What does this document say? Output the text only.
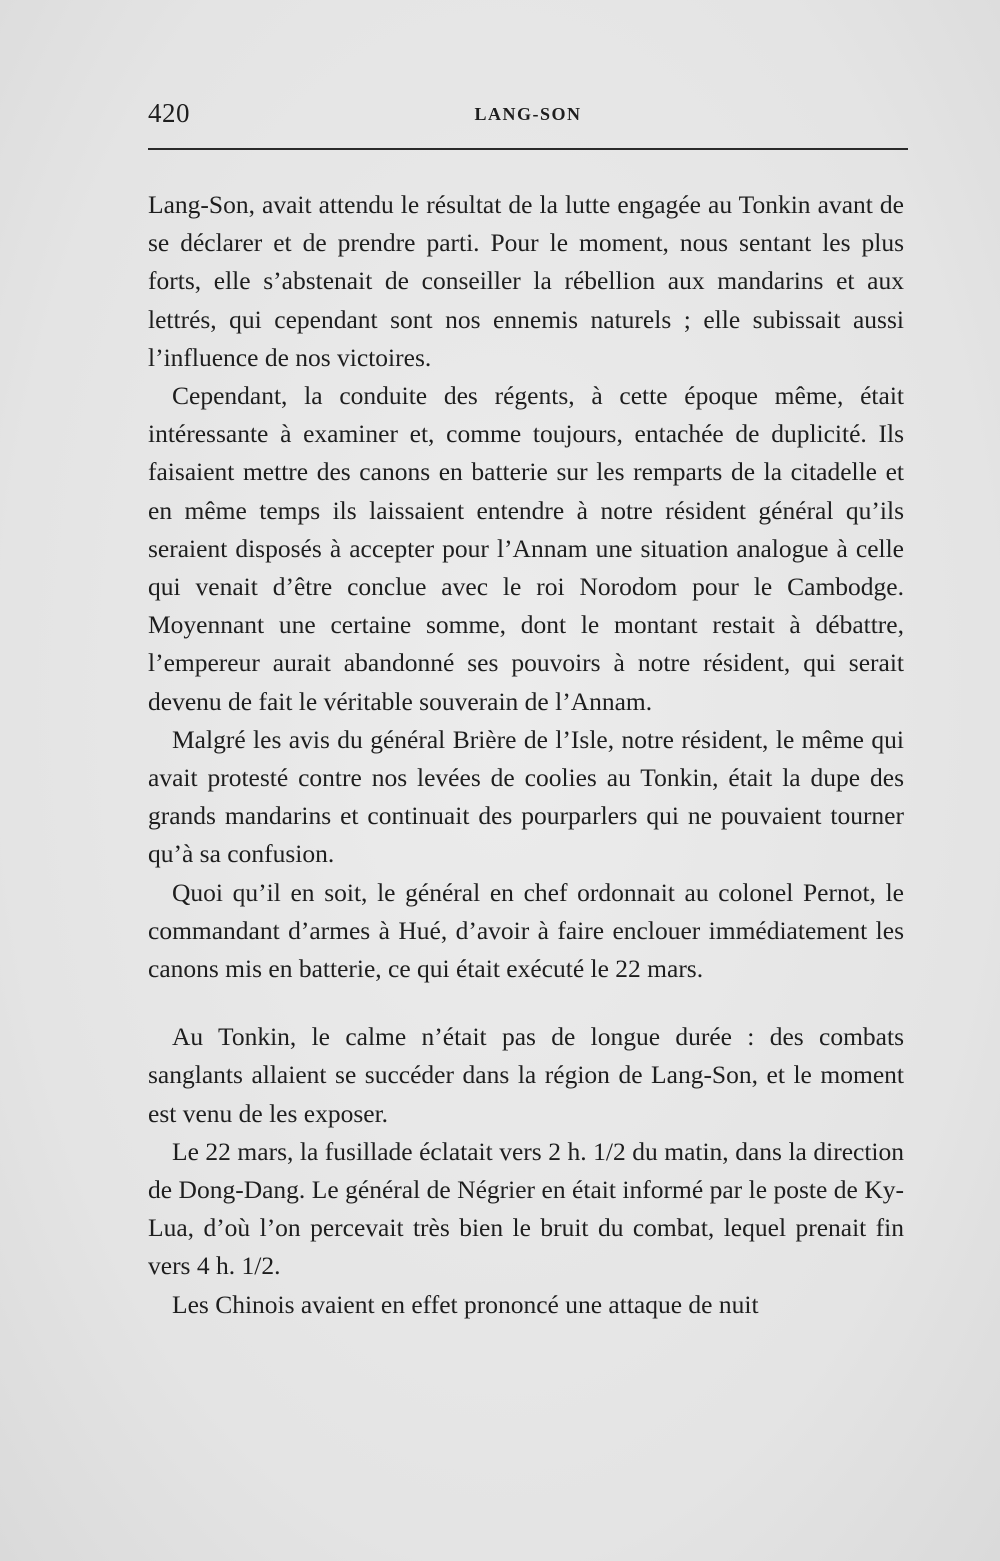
420	LANG-SON

Lang-Son, avait attendu le résultat de la lutte engagée au Tonkin avant de se déclarer et de prendre parti. Pour le moment, nous sentant les plus forts, elle s’abstenait de conseiller la rébellion aux mandarins et aux lettrés, qui cependant sont nos ennemis naturels ; elle subissait aussi l’influence de nos victoires.

Cependant, la conduite des régents, à cette époque même, était intéressante à examiner et, comme toujours, entachée de duplicité. Ils faisaient mettre des canons en batterie sur les remparts de la citadelle et en même temps ils laissaient entendre à notre résident général qu’ils seraient disposés à accepter pour l’Annam une situation analogue à celle qui venait d’être conclue avec le roi Norodom pour le Cambodge. Moyennant une certaine somme, dont le montant restait à débattre, l’empereur aurait abandonné ses pouvoirs à notre résident, qui serait devenu de fait le véritable souverain de l’Annam.

Malgré les avis du général Brière de l’Isle, notre résident, le même qui avait protesté contre nos levées de coolies au Tonkin, était la dupe des grands mandarins et continuait des pourparlers qui ne pouvaient tourner qu’à sa confusion.

Quoi qu’il en soit, le général en chef ordonnait au colonel Pernot, le commandant d’armes à Hué, d’avoir à faire enclouer immédiatement les canons mis en batterie, ce qui était exécuté le 22 mars.

Au Tonkin, le calme n’était pas de longue durée : des combats sanglants allaient se succéder dans la région de Lang-Son, et le moment est venu de les exposer.

Le 22 mars, la fusillade éclatait vers 2 h. 1/2 du matin, dans la direction de Dong-Dang. Le général de Négrier en était informé par le poste de Ky-Lua, d’où l’on percevait très bien le bruit du combat, lequel prenait fin vers 4 h. 1/2.

Les Chinois avaient en effet prononcé une attaque de nuit
